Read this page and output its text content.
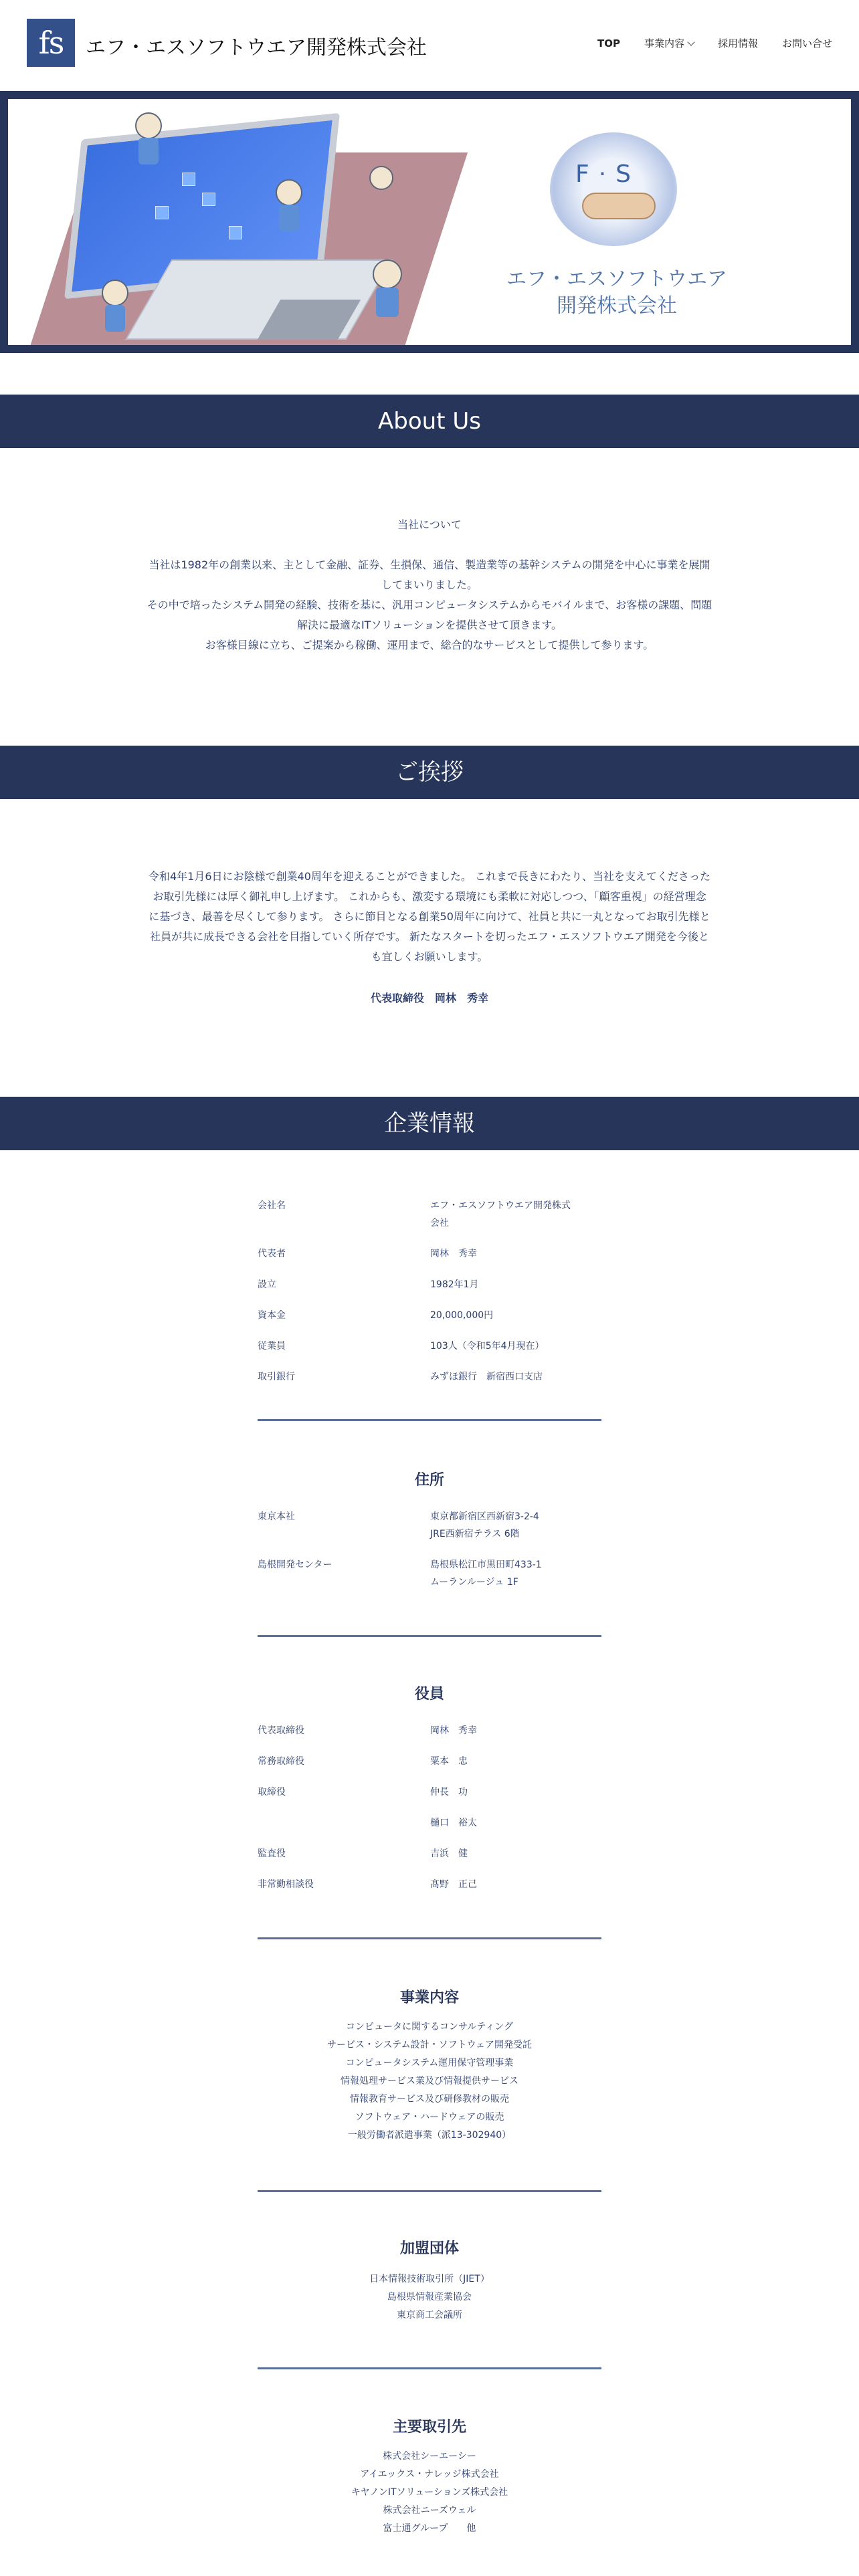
fs	エフ・エスソフトウエア開発株式会社	TOP 事業内容	採用情報 お問い合せ
F·S
エフ・エスソフトウエア
開発株式会社
About Us
当社について
当社は1982年の創業以来、主として金融、証券、生損保、通信、製造業等の基幹システムの開発を中心に事業を展開
してまいりました。
その中で培ったシステム開発の経験、技術を基に、汎用コンピュータシステムからモバイルまで、お客様の課題、問題
解決に最適なITソリューションを提供させて頂きます。
お客様目線に立ち、ご提案から稼働、運用まで、総合的なサービスとして提供して参ります。
ご挨拶
令和4年1月6日にお陰様で創業40周年を迎えることができました。 これまで長きにわたり、当社を支えてくださった
お取引先様には厚く御礼申し上げます。 これからも、激変する環境にも柔軟に対応しつつ、「顧客重視」の経営理念
に基づき、最善を尽くして参ります。 さらに節目となる創業50周年に向けて、社員と共に一丸となってお取引先様と
社員が共に成長できる会社を目指していく所存です。 新たなスタートを切ったエフ・エスソフトウエア開発を今後と
も宜しくお願いします。
代表取締役　岡林　秀幸
企業情報
会社名	エフ・エスソフトウエア開発株式
会社
代表者	岡林　秀幸
設立	1982年1月
資本金	20,000,000円
従業員	103人（令和5年4月現在）
取引銀行	みずほ銀行　新宿西口支店
住所
東京本社	東京都新宿区西新宿3-2-4
JRE西新宿テラス 6階
島根開発センター	島根県松江市黒田町433-1
ムーランルージュ 1F
役員
代表取締役	岡林　秀幸
常務取締役	粟本　忠
取締役	仲長　功
樋口　裕太
監査役	吉浜　健
非常勤相談役	髙野　正己
事業内容
コンピュータに関するコンサルティング
サービス・システム設計・ソフトウェア開発受託
コンピュータシステム運用保守管理事業
情報処理サービス業及び情報提供サービス
情報教育サービス及び研修教材の販売
ソフトウェア・ハードウェアの販売
一般労働者派遣事業（派13-302940）
加盟団体
日本情報技術取引所（JIET）
島根県情報産業協会
東京商工会議所
主要取引先
株式会社シーエーシー
アイエックス・ナレッジ株式会社
キヤノンITソリューションズ株式会社
株式会社ニーズウェル
富士通グループ　　他
